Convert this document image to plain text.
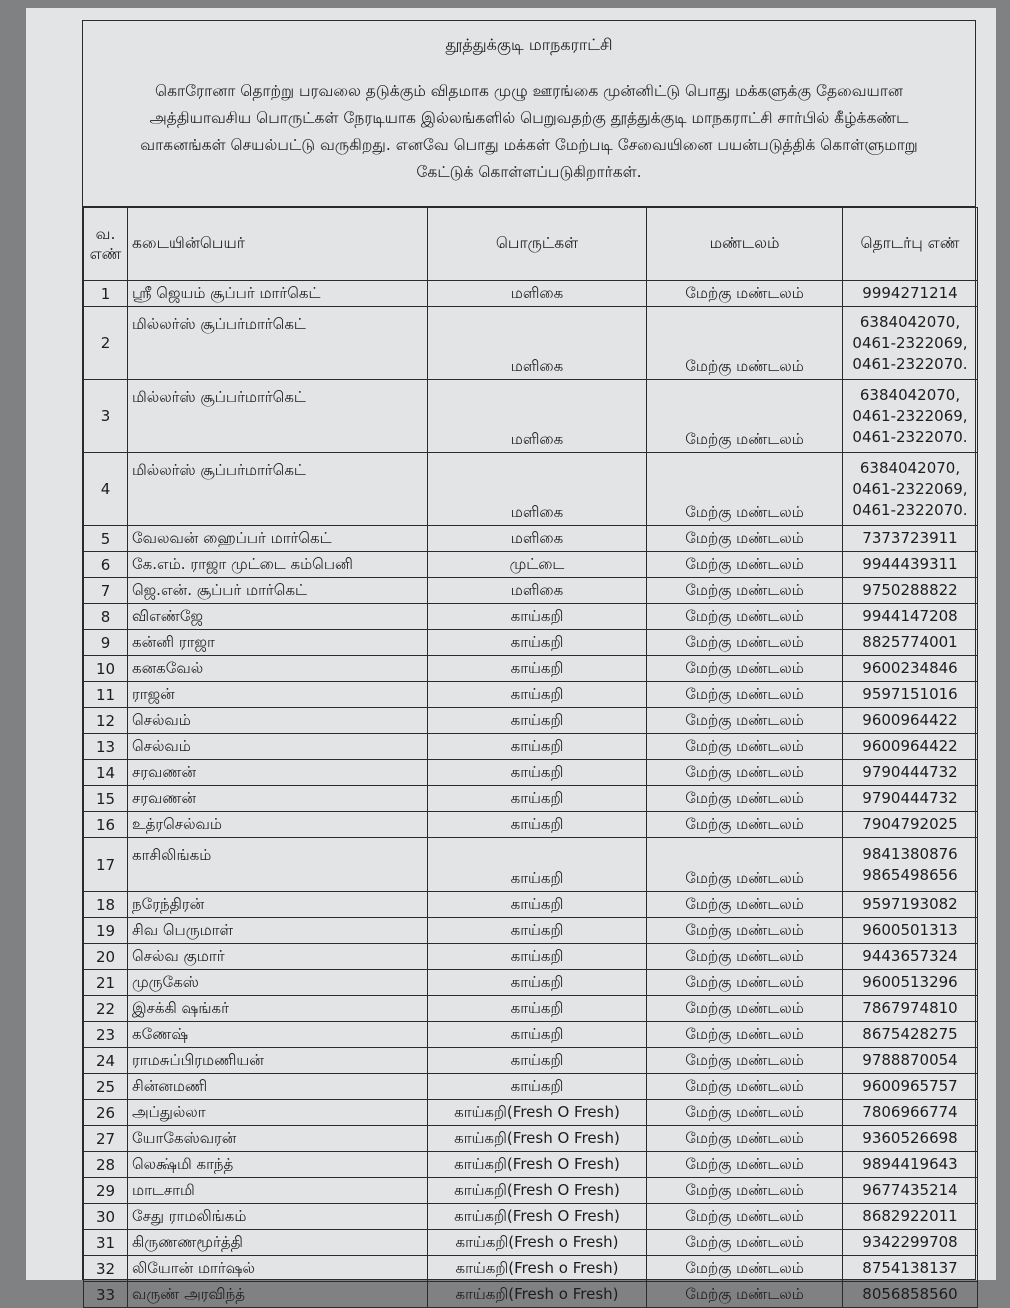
தூத்துக்குடி மாநகராட்சி
கொரோனா தொற்று பரவலை தடுக்கும் விதமாக முழு ஊரங்கை முன்னிட்டு பொது மக்களுக்கு தேவையான அத்தியாவசிய பொருட்கள் நேரடியாக இல்லங்களில் பெறுவதற்கு தூத்துக்குடி மாநகராட்சி சார்பில் கீழ்க்கண்ட வாகனங்கள் செயல்பட்டு வருகிறது. எனவே பொது மக்கள் மேற்படி சேவையினை பயன்படுத்திக் கொள்ளுமாறு கேட்டுக் கொள்ளப்படுகிறார்கள்.
வ.
எண்	கடையின்பெயர்	பொருட்கள்	மண்டலம்	தொடர்பு எண்
1	ஸ்ரீ ஜெயம் சூப்பர் மார்கெட்	மளிகை	மேற்கு மண்டலம்	9994271214

2	மில்லர்ஸ் சூப்பர்மார்கெட்	மளிகை	மேற்கு மண்டலம்	6384042070,
0461-2322069,
0461-2322070.

3	மில்லர்ஸ் சூப்பர்மார்கெட்	மளிகை	மேற்கு மண்டலம்	6384042070,
0461-2322069,
0461-2322070.

4	மில்லர்ஸ் சூப்பர்மார்கெட்	மளிகை	மேற்கு மண்டலம்	6384042070,
0461-2322069,
0461-2322070.

5	வேலவன் ஹைப்பர் மார்கெட்	மளிகை	மேற்கு மண்டலம்	7373723911

6	கே.எம். ராஜா முட்டை கம்பெனி	முட்டை	மேற்கு மண்டலம்	9944439311

7	ஜெ.என். சூப்பர் மார்கெட்	மளிகை	மேற்கு மண்டலம்	9750288822

8	விஎண்ஜே	காய்கறி	மேற்கு மண்டலம்	9944147208

9	கன்னி ராஜா	காய்கறி	மேற்கு மண்டலம்	8825774001

10	கனகவேல்	காய்கறி	மேற்கு மண்டலம்	9600234846

11	ராஜன்	காய்கறி	மேற்கு மண்டலம்	9597151016

12	செல்வம்	காய்கறி	மேற்கு மண்டலம்	9600964422

13	செல்வம்	காய்கறி	மேற்கு மண்டலம்	9600964422

14	சரவணன்	காய்கறி	மேற்கு மண்டலம்	9790444732

15	சரவணன்	காய்கறி	மேற்கு மண்டலம்	9790444732

16	உத்ரசெல்வம்	காய்கறி	மேற்கு மண்டலம்	7904792025

17	காசிலிங்கம்	காய்கறி	மேற்கு மண்டலம்	9841380876
9865498656

18	நரேந்திரன்	காய்கறி	மேற்கு மண்டலம்	9597193082

19	சிவ பெருமாள்	காய்கறி	மேற்கு மண்டலம்	9600501313

20	செல்வ குமார்	காய்கறி	மேற்கு மண்டலம்	9443657324

21	முருகேஸ்	காய்கறி	மேற்கு மண்டலம்	9600513296

22	இசக்கி ஷங்கர்	காய்கறி	மேற்கு மண்டலம்	7867974810

23	கணேஷ்	காய்கறி	மேற்கு மண்டலம்	8675428275

24	ராமசுப்பிரமணியன்	காய்கறி	மேற்கு மண்டலம்	9788870054

25	சின்னமணி	காய்கறி	மேற்கு மண்டலம்	9600965757

26	அப்துல்லா	காய்கறி(Fresh O Fresh)	மேற்கு மண்டலம்	7806966774

27	யோகேஸ்வரன்	காய்கறி(Fresh O Fresh)	மேற்கு மண்டலம்	9360526698

28	லெக்ஷ்மி காந்த்	காய்கறி(Fresh O Fresh)	மேற்கு மண்டலம்	9894419643

29	மாடசாமி	காய்கறி(Fresh O Fresh)	மேற்கு மண்டலம்	9677435214

30	சேது ராமலிங்கம்	காய்கறி(Fresh O Fresh)	மேற்கு மண்டலம்	8682922011

31	கிருணணமூர்த்தி	காய்கறி(Fresh o Fresh)	மேற்கு மண்டலம்	9342299708

32	லியோன் மார்ஷல்	காய்கறி(Fresh o Fresh)	மேற்கு மண்டலம்	8754138137

33	வருண் அரவிந்த்	காய்கறி(Fresh o Fresh)	மேற்கு மண்டலம்	8056858560
